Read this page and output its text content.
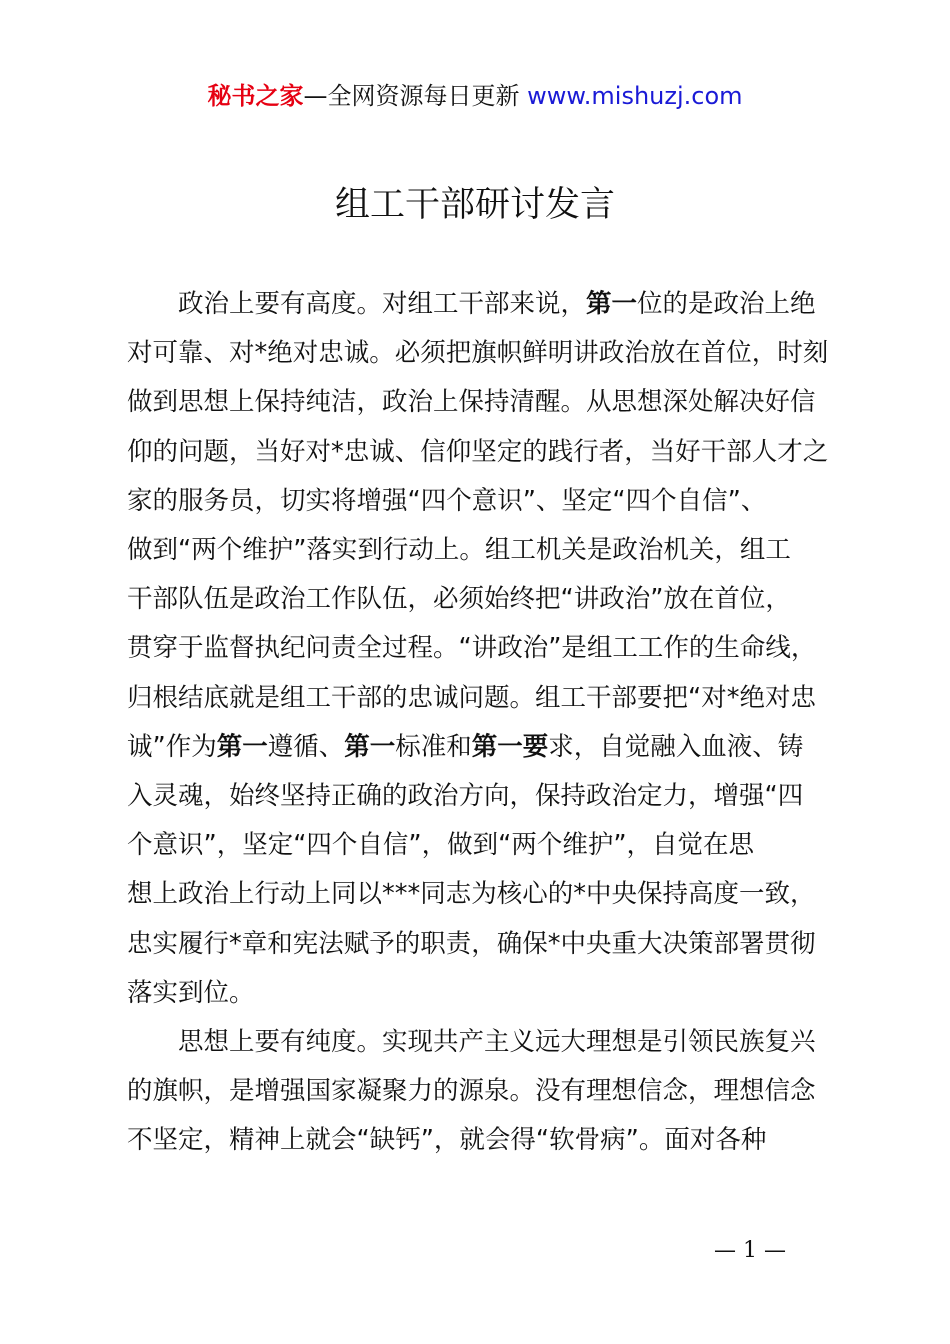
秘书之家—全网资源每日更新 www.mishuzj.com
组工干部研讨发言

政治上要有高度。对组工干部来说，第一位的是政治上绝
对可靠、对*绝对忠诚。必须把旗帜鲜明讲政治放在首位，时刻
做到思想上保持纯洁，政治上保持清醒。从思想深处解决好信
仰的问题，当好对*忠诚、信仰坚定的践行者，当好干部人才之
家的服务员，切实将增强“四个意识”、坚定“四个自信”、
做到“两个维护”落实到行动上。组工机关是政治机关，组工
干部队伍是政治工作队伍，必须始终把“讲政治”放在首位，
贯穿于监督执纪问责全过程。“讲政治”是组工工作的生命线，
归根结底就是组工干部的忠诚问题。组工干部要把“对*绝对忠
诚”作为第一遵循、第一标准和第一要求，自觉融入血液、铸
入灵魂，始终坚持正确的政治方向，保持政治定力，增强“四
个意识”，坚定“四个自信”，做到“两个维护”，自觉在思
想上政治上行动上同以***同志为核心的*中央保持高度一致，
忠实履行*章和宪法赋予的职责，确保*中央重大决策部署贯彻
落实到位。

思想上要有纯度。实现共产主义远大理想是引领民族复兴
的旗帜，是增强国家凝聚力的源泉。没有理想信念，理想信念
不坚定，精神上就会“缺钙”，就会得“软骨病”。面对各种

— 1 —
